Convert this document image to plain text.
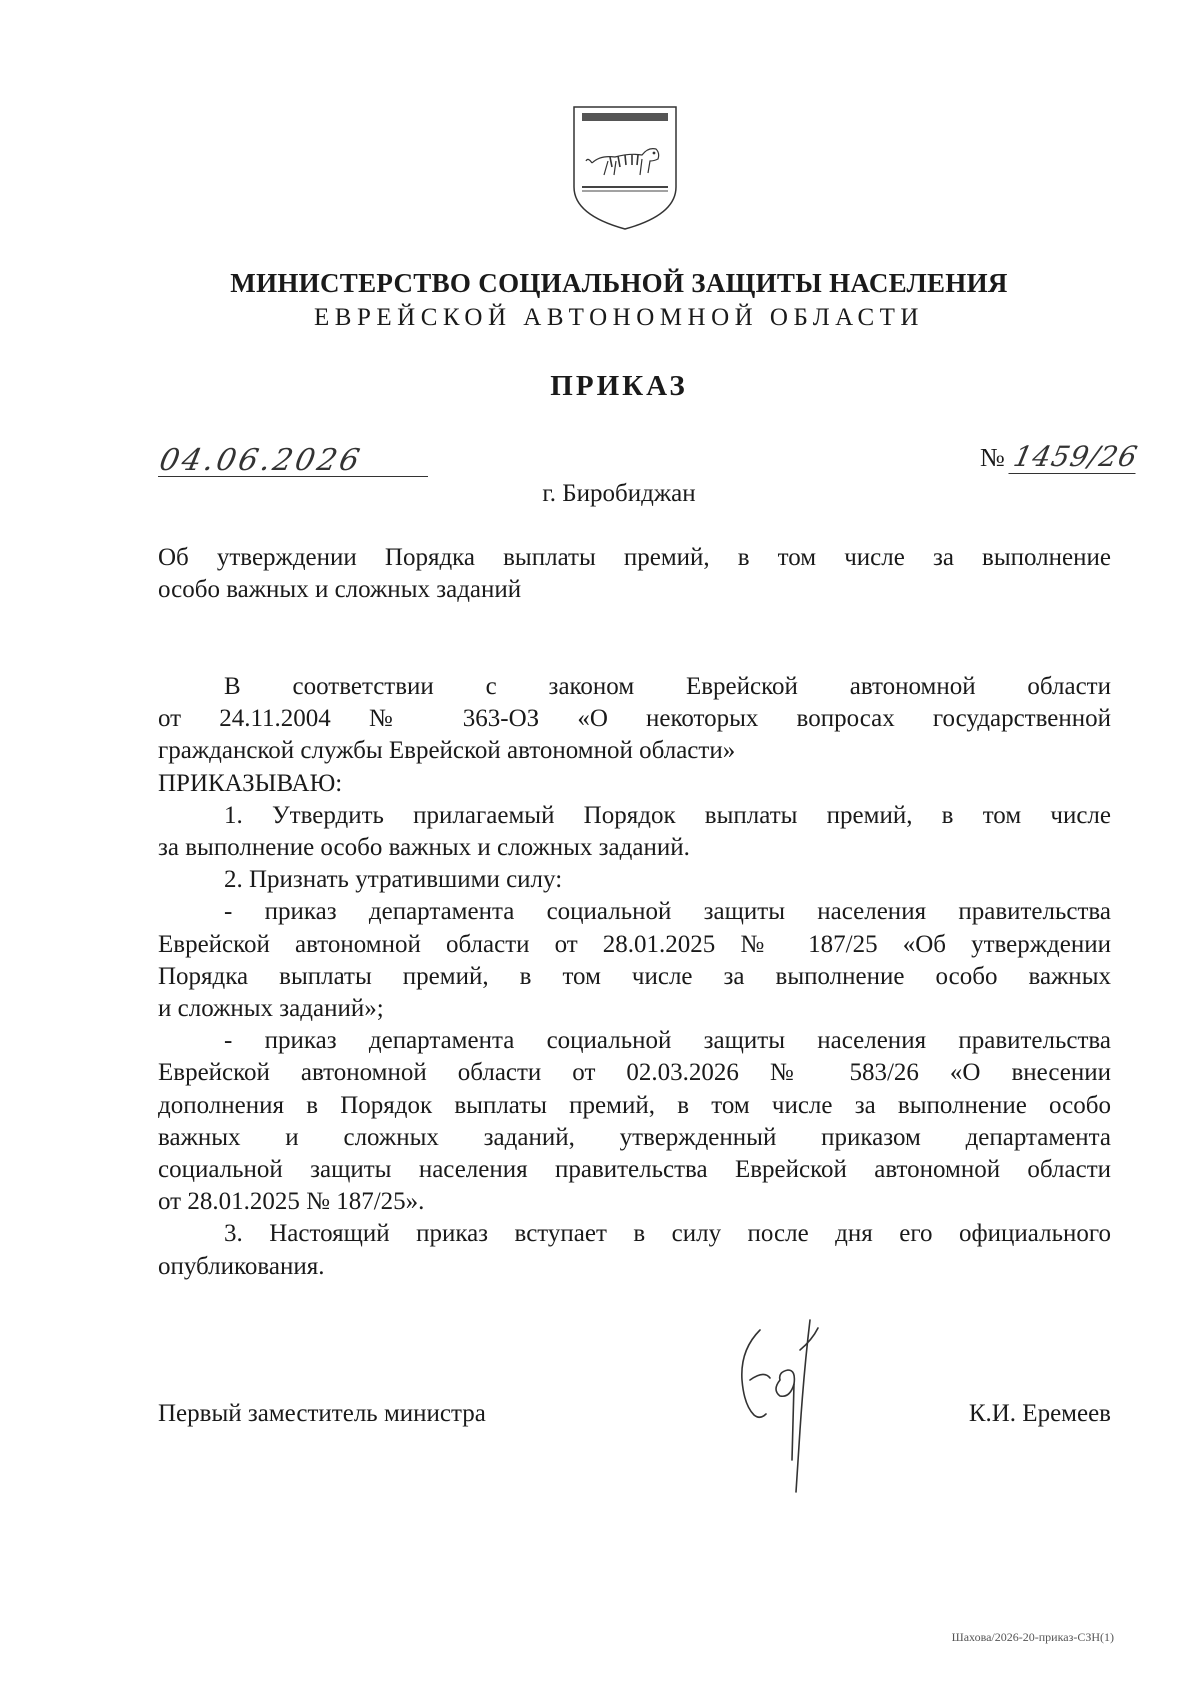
МИНИСТЕРСТВО СОЦИАЛЬНОЙ ЗАЩИТЫ НАСЕЛЕНИЯ
ЕВРЕЙСКОЙ АВТОНОМНОЙ ОБЛАСТИ
ПРИКАЗ
04.06.2026	№ 1459/26
г. Биробиджан
Об утверждении Порядка выплаты премий, в том числе за выполнение
особо важных и сложных заданий
В соответствии с законом Еврейской автономной области
от 24.11.2004 № 363-ОЗ «О некоторых вопросах государственной
гражданской службы Еврейской автономной области»
ПРИКАЗЫВАЮ:
1. Утвердить прилагаемый Порядок выплаты премий, в том числе
за выполнение особо важных и сложных заданий.
2. Признать утратившими силу:
- приказ департамента социальной защиты населения правительства
Еврейской автономной области от 28.01.2025 № 187/25 «Об утверждении
Порядка выплаты премий, в том числе за выполнение особо важных
и сложных заданий»;
- приказ департамента социальной защиты населения правительства
Еврейской автономной области от 02.03.2026 № 583/26 «О внесении
дополнения в Порядок выплаты премий, в том числе за выполнение особо
важных и сложных заданий, утвержденный приказом департамента
социальной защиты населения правительства Еврейской автономной области
от 28.01.2025 № 187/25».
3. Настоящий приказ вступает в силу после дня его официального
опубликования.
Первый заместитель министра	К.И. Еремеев
Шахова/2026-20-приказ-СЗН(1)
